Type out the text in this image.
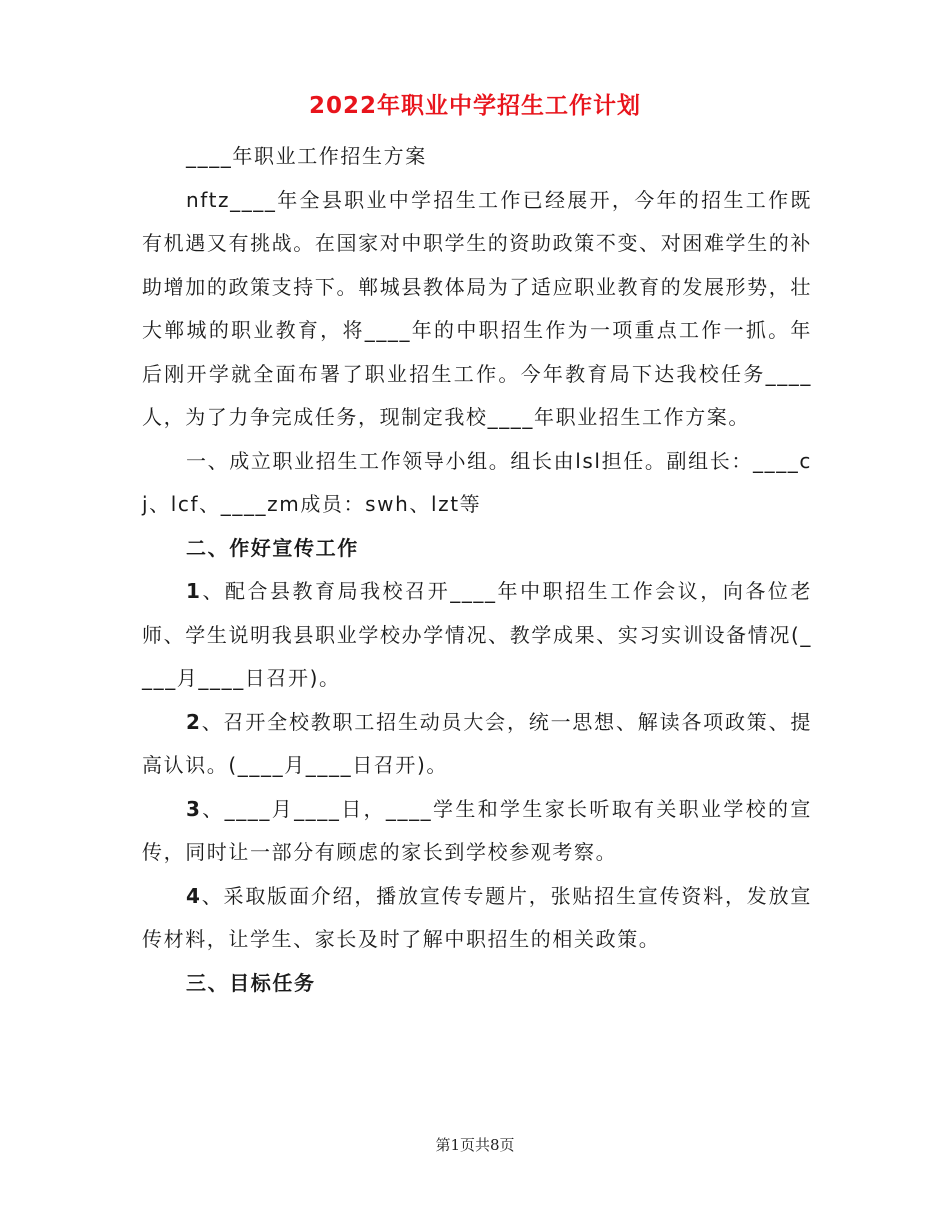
2022年职业中学招生工作计划

____年职业工作招生方案

nftz____年全县职业中学招生工作已经展开，今年的招生工作既有机遇又有挑战。在国家对中职学生的资助政策不变、对困难学生的补助增加的政策支持下。郸城县教体局为了适应职业教育的发展形势，壮大郸城的职业教育，将____年的中职招生作为一项重点工作一抓。年后刚开学就全面布署了职业招生工作。今年教育局下达我校任务____人，为了力争完成任务，现制定我校____年职业招生工作方案。

一、成立职业招生工作领导小组。组长由lsl担任。副组长：____cj、lcf、____zm成员：swh、lzt等

二、作好宣传工作

1、配合县教育局我校召开____年中职招生工作会议，向各位老师、学生说明我县职业学校办学情况、教学成果、实习实训设备情况(____月____日召开)。

2、召开全校教职工招生动员大会，统一思想、解读各项政策、提高认识。(____月____日召开)。

3、____月____日，____学生和学生家长听取有关职业学校的宣传，同时让一部分有顾虑的家长到学校参观考察。

4、采取版面介绍，播放宣传专题片，张贴招生宣传资料，发放宣传材料，让学生、家长及时了解中职招生的相关政策。

三、目标任务

第1页共8页
